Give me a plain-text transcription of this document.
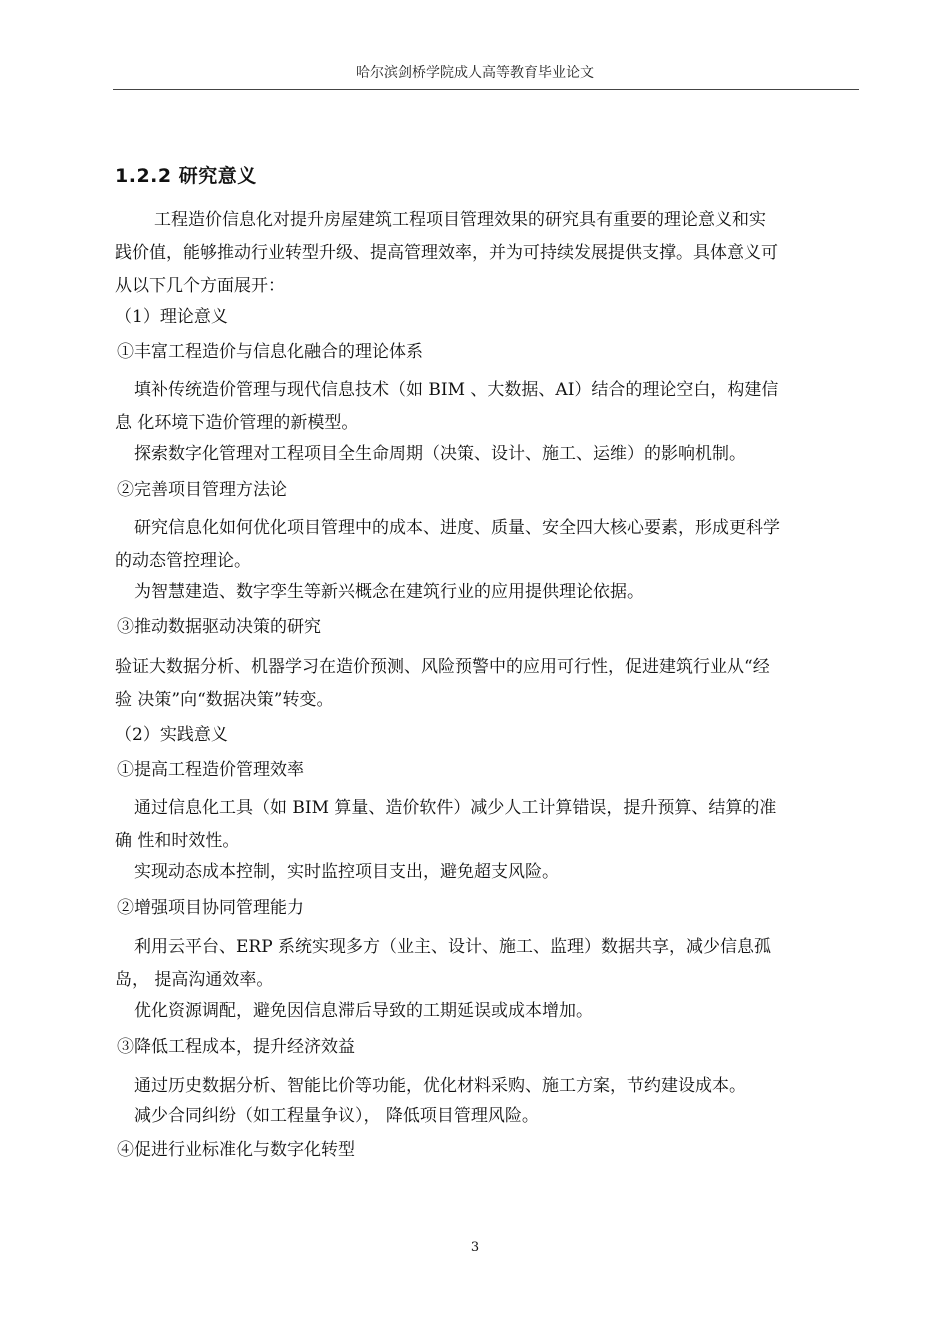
哈尔滨剑桥学院成人高等教育毕业论文
1.2.2 研究意义
工程造价信息化对提升房屋建筑工程项目管理效果的研究具有重要的理论意义和实
践价值，能够推动行业转型升级、提高管理效率，并为可持续发展提供支撑。具体意义可
从以下几个方面展开：
（1）理论意义
①丰富工程造价与信息化融合的理论体系
填补传统造价管理与现代信息技术（如 BIM 、大数据、AI）结合的理论空白，构建信
息 化环境下造价管理的新模型。
探索数字化管理对工程项目全生命周期（决策、设计、施工、运维）的影响机制。
②完善项目管理方法论
研究信息化如何优化项目管理中的成本、进度、质量、安全四大核心要素，形成更科学
的动态管控理论。
为智慧建造、数字孪生等新兴概念在建筑行业的应用提供理论依据。
③推动数据驱动决策的研究
验证大数据分析、机器学习在造价预测、风险预警中的应用可行性，促进建筑行业从“经
验 决策”向“数据决策”转变。
（2）实践意义
①提高工程造价管理效率
通过信息化工具（如 BIM 算量、造价软件）减少人工计算错误，提升预算、结算的准
确 性和时效性。
实现动态成本控制，实时监控项目支出，避免超支风险。
②增强项目协同管理能力
利用云平台、ERP 系统实现多方（业主、设计、施工、监理）数据共享，减少信息孤
岛， 提高沟通效率。
优化资源调配，避免因信息滞后导致的工期延误或成本增加。
③降低工程成本，提升经济效益
通过历史数据分析、智能比价等功能，优化材料采购、施工方案，节约建设成本。
减少合同纠纷（如工程量争议）， 降低项目管理风险。
④促进行业标准化与数字化转型
3
